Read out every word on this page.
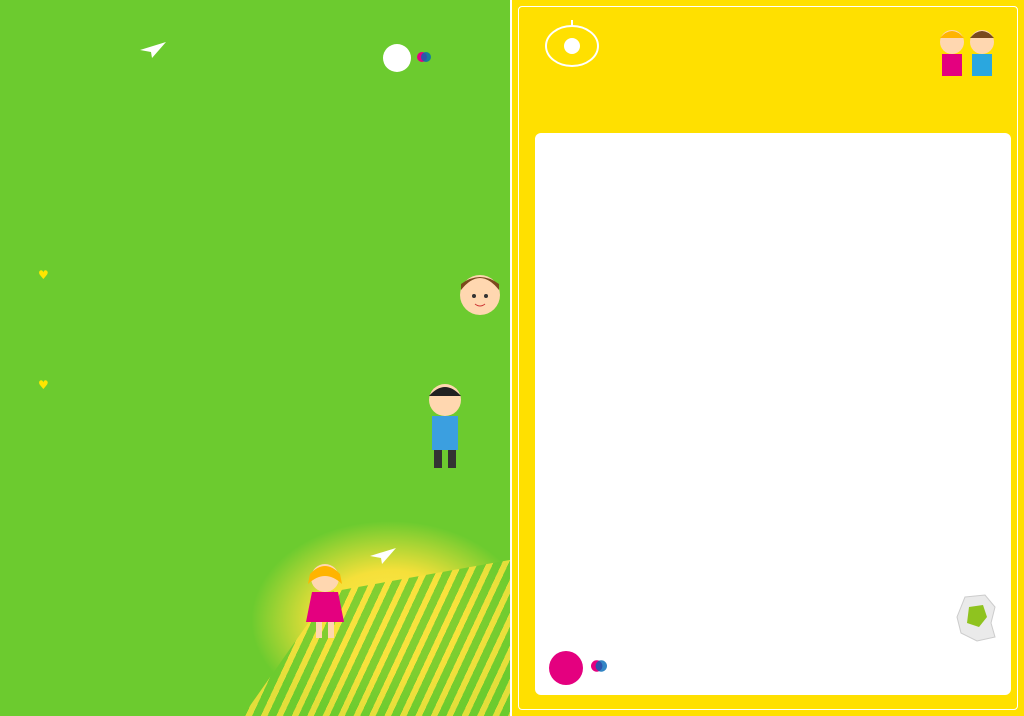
♥
♥
